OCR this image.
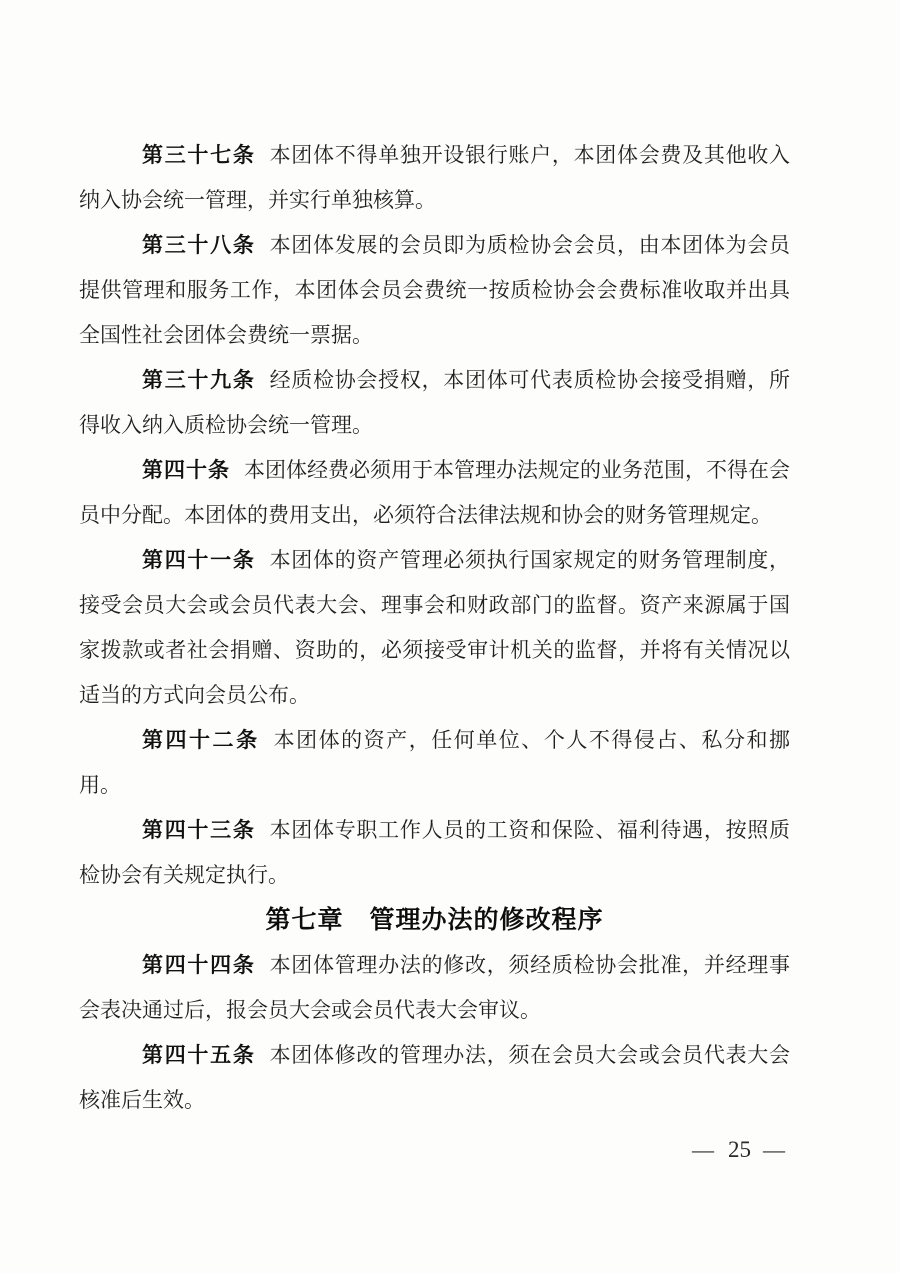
第三十七条 本团体不得单独开设银行账户，本团体会费及其他收入纳入协会统一管理，并实行单独核算。

第三十八条 本团体发展的会员即为质检协会会员，由本团体为会员提供管理和服务工作，本团体会员会费统一按质检协会会费标准收取并出具全国性社会团体会费统一票据。

第三十九条 经质检协会授权，本团体可代表质检协会接受捐赠，所得收入纳入质检协会统一管理。

第四十条 本团体经费必须用于本管理办法规定的业务范围，不得在会员中分配。本团体的费用支出，必须符合法律法规和协会的财务管理规定。

第四十一条 本团体的资产管理必须执行国家规定的财务管理制度，接受会员大会或会员代表大会、理事会和财政部门的监督。资产来源属于国家拨款或者社会捐赠、资助的，必须接受审计机关的监督，并将有关情况以适当的方式向会员公布。

第四十二条 本团体的资产，任何单位、个人不得侵占、私分和挪用。

第四十三条 本团体专职工作人员的工资和保险、福利待遇，按照质检协会有关规定执行。

第七章　管理办法的修改程序

第四十四条 本团体管理办法的修改，须经质检协会批准，并经理事会表决通过后，报会员大会或会员代表大会审议。

第四十五条 本团体修改的管理办法，须在会员大会或会员代表大会核准后生效。

— 25 —
